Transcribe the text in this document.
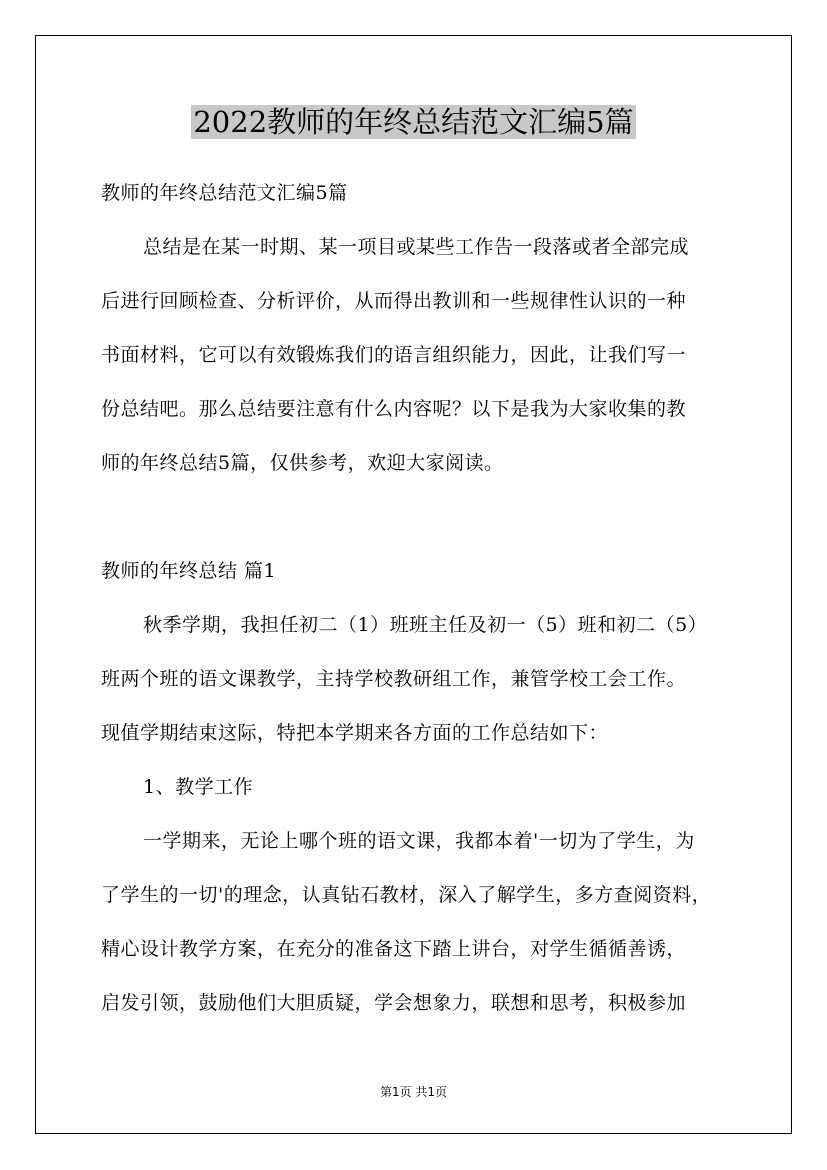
2022教师的年终总结范文汇编5篇
教师的年终总结范文汇编5篇
总结是在某一时期、某一项目或某些工作告一段落或者全部完成
后进行回顾检查、分析评价，从而得出教训和一些规律性认识的一种
书面材料，它可以有效锻炼我们的语言组织能力，因此，让我们写一
份总结吧。那么总结要注意有什么内容呢？以下是我为大家收集的教
师的年终总结5篇，仅供参考，欢迎大家阅读。
教师的年终总结 篇1
秋季学期，我担任初二（1）班班主任及初一（5）班和初二（5）
班两个班的语文课教学，主持学校教研组工作，兼管学校工会工作。
现值学期结束这际，特把本学期来各方面的工作总结如下：
1、教学工作
一学期来，无论上哪个班的语文课，我都本着'一切为了学生，为
了学生的一切'的理念，认真钻石教材，深入了解学生，多方查阅资料，
精心设计教学方案，在充分的准备这下踏上讲台，对学生循循善诱，
启发引领，鼓励他们大胆质疑，学会想象力，联想和思考，积极参加
第1页 共1页
